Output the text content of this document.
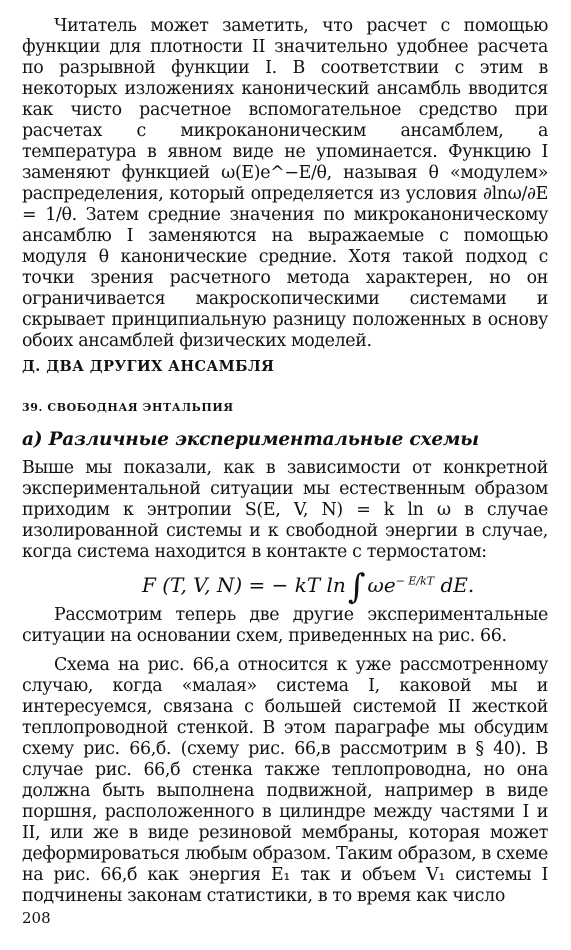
Читатель может заметить, что расчет с помощью функции для плотности II значительно удобнее расчета по разрывной функции I. В соответствии с этим в некоторых изложениях канонический ансамбль вводится как чисто расчетное вспомогательное средство при расчетах с микроканоническим ансамблем, а температура в явном виде не упоминается. Функцию I заменяют функцией ω(E)e^−E/θ, называя θ «модулем» распределения, который определяется из условия ∂lnω/∂E = 1/θ. Затем средние значения по микроканоническому ансамблю I заменяются на выражаемые с помощью модуля θ канонические средние. Хотя такой подход с точки зрения расчетного метода характерен, но он ограничивается макроскопическими системами и скрывает принципиальную разницу положенных в основу обоих ансамблей физических моделей.

Д. ДВА ДРУГИХ АНСАМБЛЯ
39. СВОБОДНАЯ ЭНТАЛЬПИЯ
а) Различные экспериментальные схемы

Выше мы показали, как в зависимости от конкретной экспериментальной ситуации мы естественным образом приходим к энтропии S(E, V, N) = k ln ω в случае изолированной системы и к свободной энергии в случае, когда система находится в контакте с термостатом:

F (T, V, N) = − kT ln∫ $\omega e^{- E/kT}$ dE.

Рассмотрим теперь две другие экспериментальные ситуации на основании схем, приведенных на рис. 66.

Схема на рис. 66,а относится к уже рассмотренному случаю, когда «малая» система I, каковой мы и интересуемся, связана с большей системой II жесткой теплопроводной стенкой. В этом параграфе мы обсудим схему рис. 66,б. (схему рис. 66,в рассмотрим в § 40). В случае рис. 66,б стенка также теплопроводна, но она должна быть выполнена подвижной, например в виде поршня, расположенного в цилиндре между частями I и II, или же в виде резиновой мембраны, которая может деформироваться любым образом. Таким образом, в схеме на рис. 66,б как энергия E₁ так и объем V₁ системы I подчинены законам статистики, в то время как число

208
